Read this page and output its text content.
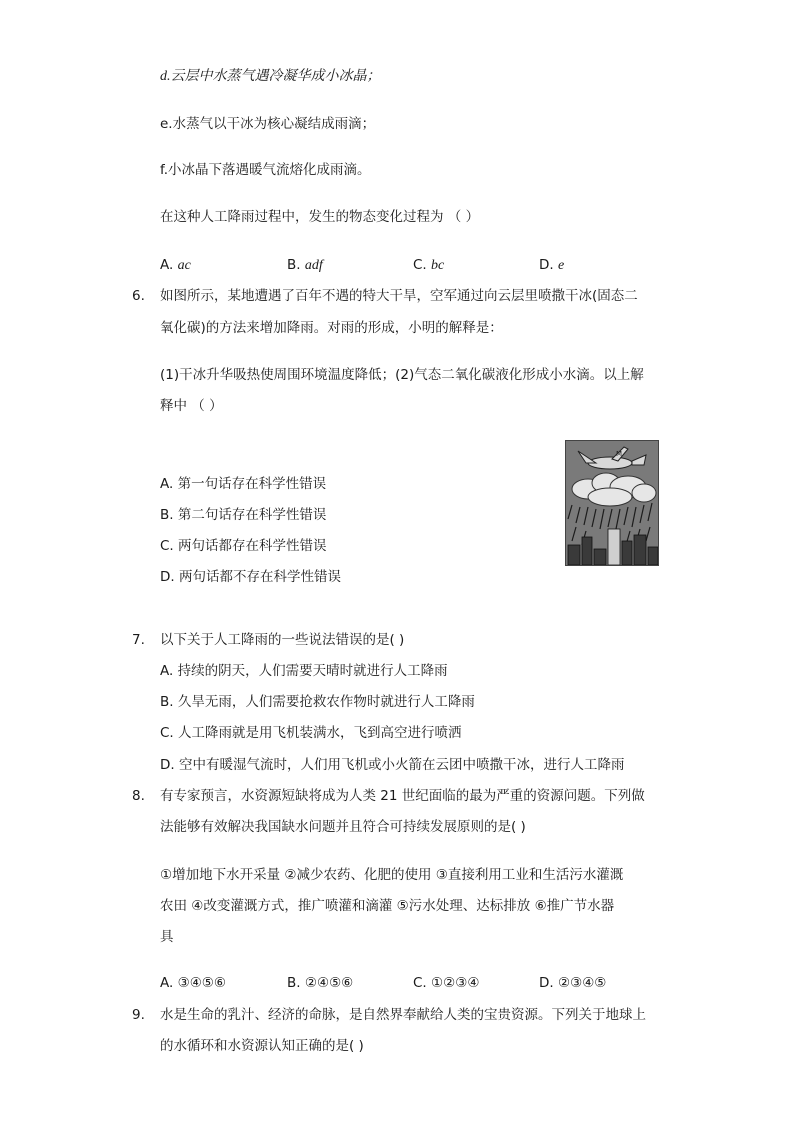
d.云层中水蒸气遇冷凝华成小冰晶；
e.水蒸气以干冰为核心凝结成雨滴；
f.小冰晶下落遇暖气流熔化成雨滴。
在这种人工降雨过程中，发生的物态变化过程为 （ ）
A. ac	B. adf	C. bc	D. e
6. 如图所示，某地遭遇了百年不遇的特大干旱，空军通过向云层里喷撒干冰(固态二
氧化碳)的方法来增加降雨。对雨的形成，小明的解释是：
(1)干冰升华吸热使周围环境温度降低；(2)气态二氧化碳液化形成小水滴。以上解
释中 （ ）
A. 第一句话存在科学性错误
B. 第二句话存在科学性错误
C. 两句话都存在科学性错误
D. 两句话都不存在科学性错误
M
7. 以下关于人工降雨的一些说法错误的是( )
A. 持续的阴天，人们需要天晴时就进行人工降雨
B. 久旱无雨，人们需要抢救农作物时就进行人工降雨
C. 人工降雨就是用飞机装满水，飞到高空进行喷洒
D. 空中有暖湿气流时，人们用飞机或小火箭在云团中喷撒干冰，进行人工降雨
8. 有专家预言，水资源短缺将成为人类 21 世纪面临的最为严重的资源问题。下列做
法能够有效解决我国缺水问题并且符合可持续发展原则的是( )
①增加地下水开采量 ②减少农药、化肥的使用 ③直接利用工业和生活污水灌溉
农田 ④改变灌溉方式，推广喷灌和滴灌 ⑤污水处理、达标排放 ⑥推广节水器
具
A. ③④⑤⑥	B. ②④⑤⑥	C. ①②③④	D. ②③④⑤
9. 水是生命的乳汁、经济的命脉，是自然界奉献给人类的宝贵资源。下列关于地球上
的水循环和水资源认知正确的是( )
